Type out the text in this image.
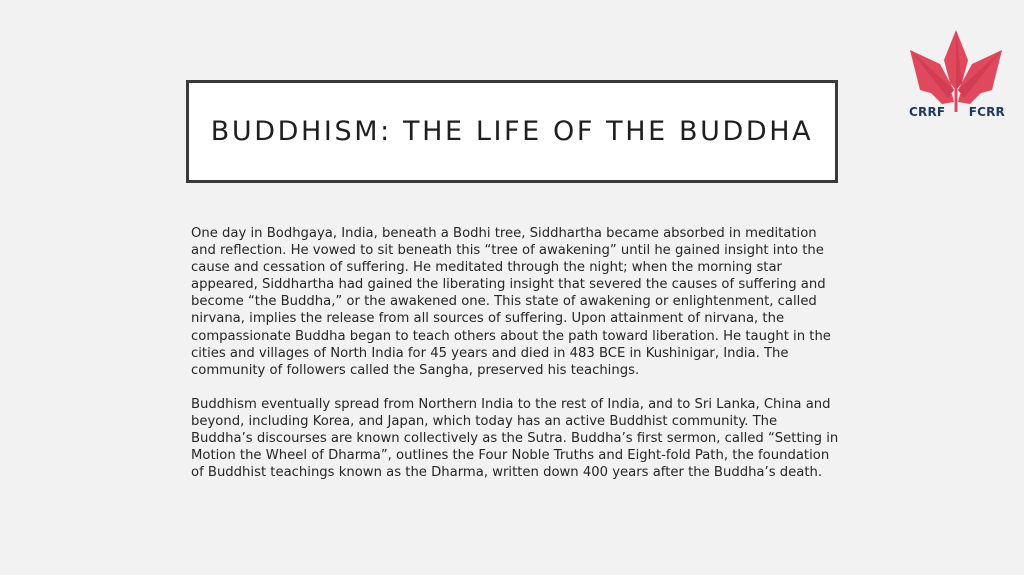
BUDDHISM: THE LIFE OF THE BUDDHA
CRRF FCRR

One day in Bodhgaya, India, beneath a Bodhi tree, Siddhartha became absorbed in meditation and reflection. He vowed to sit beneath this “tree of awakening” until he gained insight into the cause and cessation of suffering. He meditated through the night; when the morning star appeared, Siddhartha had gained the liberating insight that severed the causes of suffering and become “the Buddha,” or the awakened one. This state of awakening or enlightenment, called nirvana, implies the release from all sources of suffering. Upon attainment of nirvana, the compassionate Buddha began to teach others about the path toward liberation. He taught in the cities and villages of North India for 45 years and died in 483 BCE in Kushinigar, India. The community of followers called the Sangha, preserved his teachings.

Buddhism eventually spread from Northern India to the rest of India, and to Sri Lanka, China and beyond, including Korea, and Japan, which today has an active Buddhist community. The Buddha’s discourses are known collectively as the Sutra. Buddha’s first sermon, called “Setting in Motion the Wheel of Dharma”, outlines the Four Noble Truths and Eight-fold Path, the foundation of Buddhist teachings known as the Dharma, written down 400 years after the Buddha’s death.
